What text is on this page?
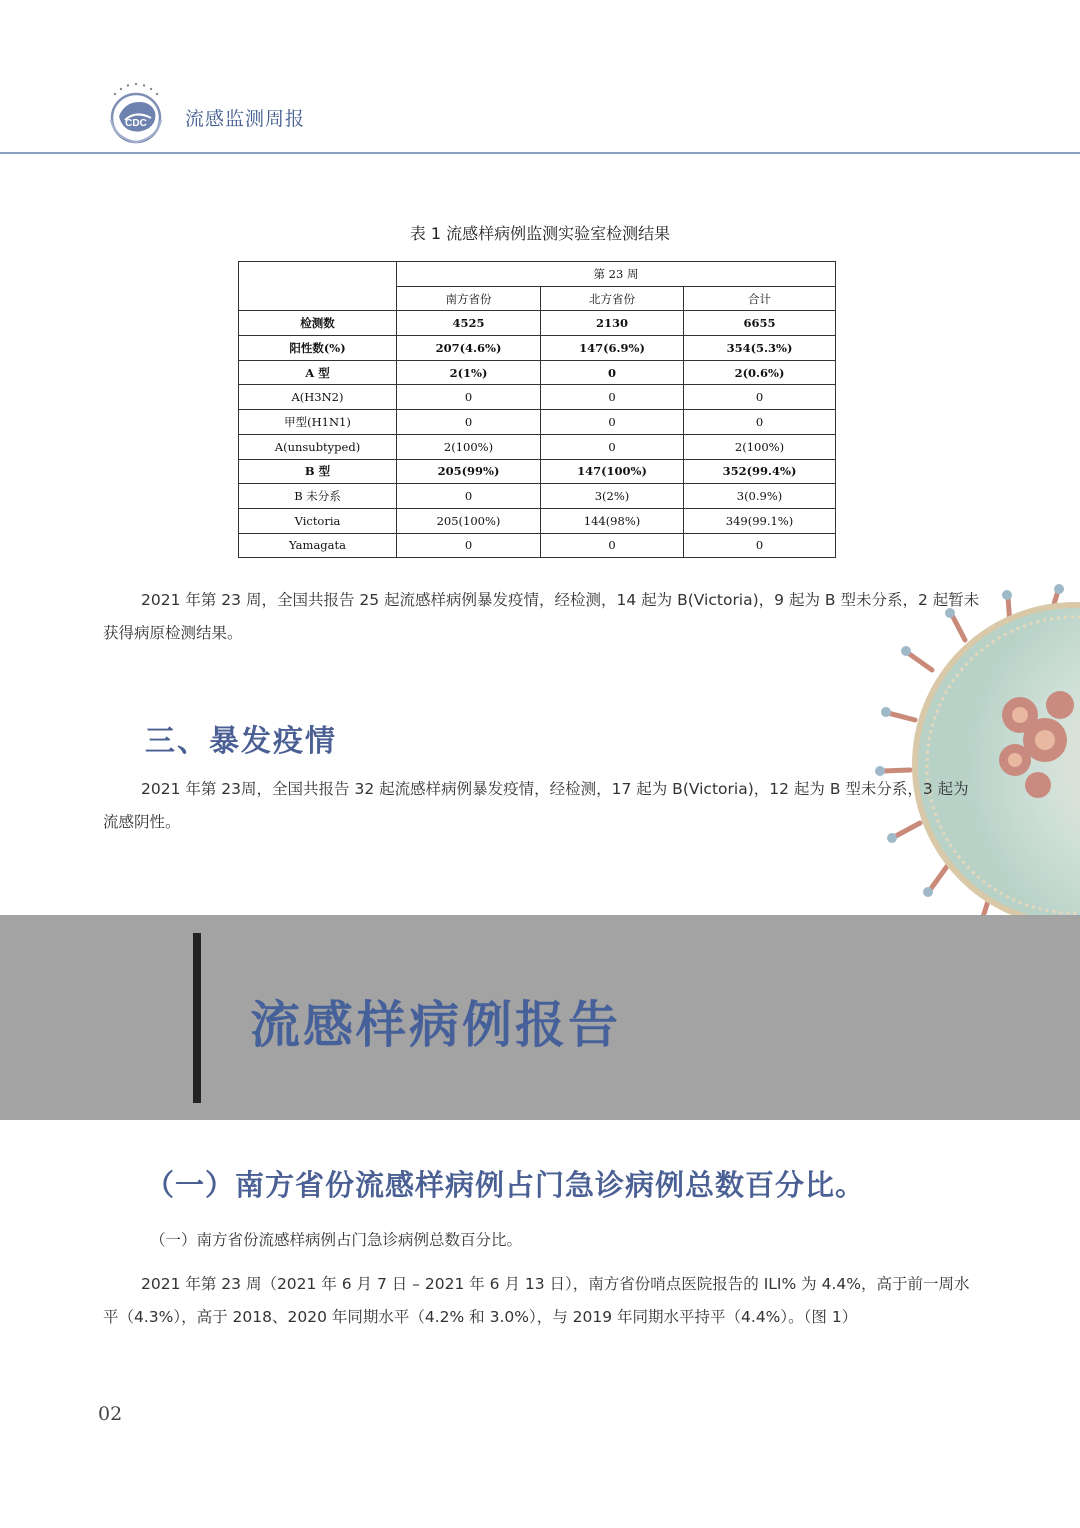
CDC 流感监测周报
表 1 流感样病例监测实验室检测结果
	第 23 周		
	南方省份	北方省份	合计
检测数	4525	2130	6655
阳性数(%)	207(4.6%)	147(6.9%)	354(5.3%)
A 型	2(1%)	0	2(0.6%)
A(H3N2)	0	0	0
甲型(H1N1)	0	0	0
A(unsubtyped)	2(100%)	0	2(100%)
B 型	205(99%)	147(100%)	352(99.4%)
B 未分系	0	3(2%)	3(0.9%)
Victoria	205(100%)	144(98%)	349(99.1%)
Yamagata	0	0	0
2021 年第 23 周，全国共报告 25 起流感样病例暴发疫情，经检测，14 起为 B(Victoria)，9 起为 B 型未分系，2 起暂未获得病原检测结果。
三、暴发疫情
2021 年第 23周，全国共报告 32 起流感样病例暴发疫情，经检测，17 起为 B(Victoria)，12 起为 B 型未分系，3 起为流感阴性。
流感样病例报告
（一）南方省份流感样病例占门急诊病例总数百分比。
（一）南方省份流感样病例占门急诊病例总数百分比。
2021 年第 23 周（2021 年 6 月 7 日 – 2021 年 6 月 13 日），南方省份哨点医院报告的 ILI% 为 4.4%，高于前一周水平（4.3%），高于 2018、2020 年同期水平（4.2% 和 3.0%），与 2019 年同期水平持平（4.4%）。（图 1）
02
